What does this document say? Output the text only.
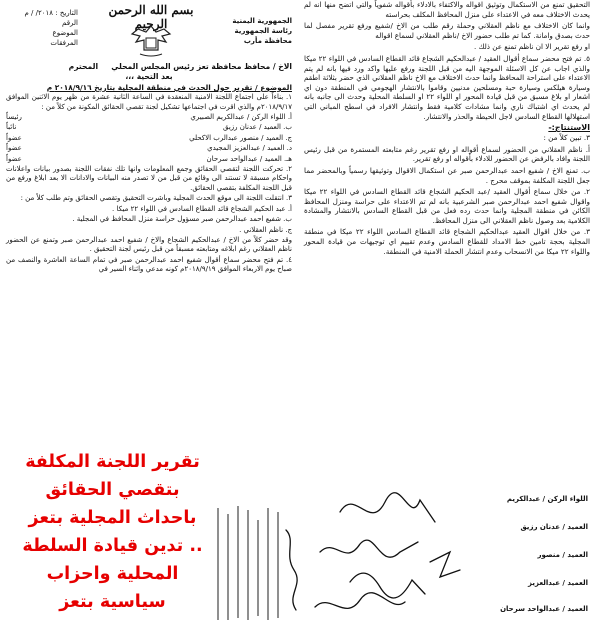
التحقيق تمنع من الاستكمال وتوثيق اقواله والاكتفاء بالادلاء بأقواله شفوياً والتي اتضح منها انه لم يحدث الاختلاف معه في الاعتداء على منزل المحافظ المكلف بحراسته

وانما كان الاختلاف مع ناظم العقلاني وحملة رقم طلب من الاخ /شفيع ورفع تقرير مفصل لما حدث بصدق وامانة. كما تم طلب حضور الاخ /ناظم العقلاني لسماع اقواله

او رفع تقرير الا ان ناظم تمنع عن ذلك .

٥. تم فتح محضر سماع أقوال العقيد / عبدالحكيم الشجاع قائد القطاع السادس في اللواء ٢٢ ميكا والذي اجاب عن كل الاسئلة الموجهة اليه من قبل اللجنة ورفع عليها واكد ورد فيها بانه لم يتم الاعتداء على استراحة المحافظ وانما حدث الاختلاف مع الاخ ناظم العقلاني الذي حضر بثلاثة اطقم وسيارة هيلكس وسيارة حبة ومسلحين مدنيين وقاموا بالانتشار الهجومي في المنطقة دون اي اشعار او بلاغ مسبق من قبل قيادة المحور او اللواء ٢٢ او السلطة المحلية وحدث الى جانبه بانه لم يحدث اي اشتباك ناري وانما مشادات كلامية فقط وانتشار الافراد في اسطح المباني التي استهلالها القطاع السادس لاجل الحيطة والحذر والانتشار.

الاستنتاج:-

٣. تبين كلاً من :

أ. ناظم العقلاني من الحضور لسماع أقواله او رفع تقرير رغم متابعته المستمرة من قبل رئيس اللجنة وافاد بالرفض عن الحضور للادلاء بأقواله او رفع تقرير.

ب. تمنع الاخ / شفيع احمد عبدالرحمن صبر عن استكمال الاقوال وتوثيقها رسمياً وبالمحضر مما جعل اللجنة المكلفة بموقف محرج .

٢. من خلال سماع أقوال العقيد /عبد الحكيم الشجاع قائد القطاع السادس في اللواء ٢٢ ميكا واقوال شفيع احمد عبدالرحمن صبر الشرعبية بانه لم تم الاعتداء على حراسة ومنزل المحافظ الكائن في منطقة المجلية وانما حدث رده فعل من قبل القطاع السادس بالانتشار والمشادة الكلامية بعد وصول ناظم العقلاني الى منزل المحافظ.

٣. من خلال اقوال العقيد عبدالحكيم الشجاع قائد القطاع السادس اللواء ٢٢ ميكا في منطقة المجلية بحجة تامين خط الامداد للقطاع السادس وعدم تقييم اي توجيهات من قيادة المحور واللواء ٢٢ ميكا من الانسحاب وعدم انتشار الحملة الامنية في المنطقة.

الجمهورية اليمنية
رئاسة الجمهورية
محافظة مأرب
بسم الله الرحمن الرحيم
التاريخ : ٢٠١٨/ / م
الرقم
الموضوع
المرفقات

الاخ / محافظ محافظة تعز رئيس المجلس المحلي     المحترم

بعد التحية ،،،

الموضوع / تقرير حول الحدث في منطقة المجلية بتاريخ ٢٠١٨/٩/١٦ م

١. بناءاً على اجتماع اللجنة الامنية المنعقدة في الساعة الثانية عشرة من ظهر يوم الاثنين الموافق ٢٠١٨/٩/١٧م والذي اقرت في اجتماعها تشكيل لجنة تقصي الحقائق المكونة من كلاً من :

أ. اللواء الركن / عبدالكريم الصبيري
رئيساً

ب. العميد / عدنان رزيق
نائباً

ج. العميد / منصور عبدالرب الاكحلي
عضواً

د. العميد / عبدالعزيز المجيدي
عضواً

هـ. العميد / عبدالواحد سرحان
عضواً

٢. تحركت اللجنة لتقصي الحقائق وجمع المعلومات وانها تلك نفقات اللجنة بصدور بيانات واعلانات واحكام مسبقة لا تستند الى وقائع من قبل من لا تصدر منه البيانات والادانات الا بعد ابلاغ ورفع من قبل اللجنة المكلفة بتقصي الحقائق.

٣. انتقلت اللجنة الى موقع الحدث المجلية وباشرت التحقيق وتقصي الحقائق وتم طلب كلاً من :

أ. عبد الحكيم الشجاع قائد القطاع السادس في اللواء ٢٢ ميكا .

ب. شفيع احمد عبدالرحمن صبر مسؤول حراسة منزل المحافظ في المجلية .

ج. ناظم العقلاني .

وقد حضر كلاً من الاخ / عبدالحكيم الشجاع والاخ / شفيع احمد عبدالرحمن صبر وتمنع عن الحضور ناظم العقلاني رغم ابلاغه ومتابعته مسبقاً من قبل رئيس لجنة التحقيق .

٤. تم فتح محضر سماع أقوال شفيع احمد عبدالرحمن صبر في تمام الساعة العاشرة والنصف من صباح يوم الاربعاء الموافق ٢٠١٨/٩/١٩م كونه مدعي واثناء السير في

اللواء الركن / عبدالكريم
العميد / عدنان رزيق
العميد / منصور
العميد / عبدالعزيز
العميد / عبدالواحد سرحان
تقرير اللجنة المكلفة بتقصي الحقائق باحداث المجلية بتعز .. تدين قيادة السلطة المحلية واحزاب سياسية بتعز
